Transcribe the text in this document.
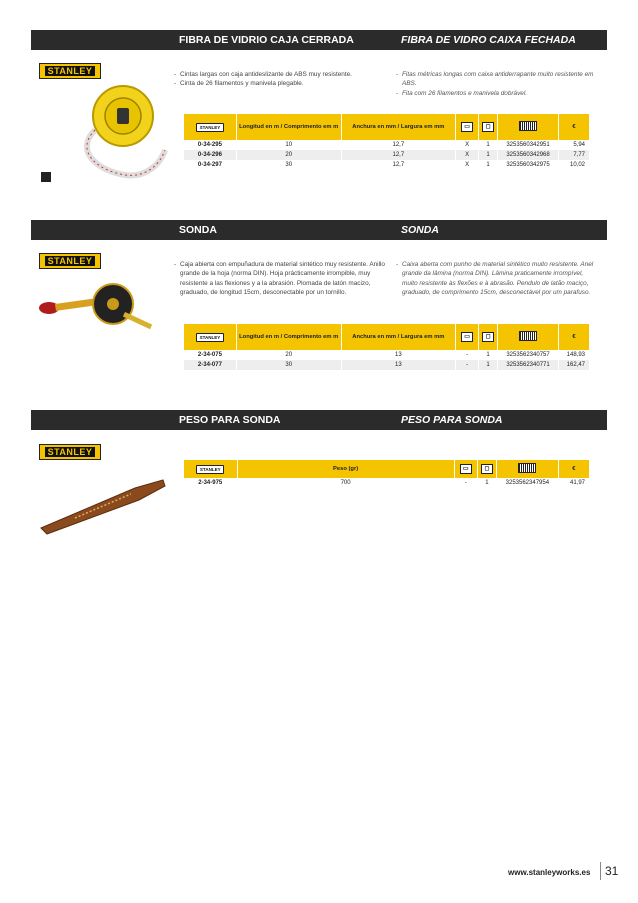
FIBRA DE VIDRIO CAJA CERRADA	FIBRA DE VIDRO CAIXA FECHADA
STANLEY	- Cintas largas con caja antideslizante de ABS muy resistente.
- Cinta de 26 filamentos y manivela plegable.
- Fitas métricas longas com caixa antiderrapante muito resistente em ABS.
- Fita com 26 filamentos e manivela dobrável.
STANLEY	Longitud en m / Comprimento em m	Anchura en mm / Largura em mm	▭	◻		€
0-34-295	10	12,7	X	1	3253560342951	5,94
0-34-296	20	12,7	X	1	3253560342968	7,77
0-34-297	30	12,7	X	1	3253560342975	10,02
SONDA	SONDA
STANLEY	- Caja abierta con empuñadura de material sintético muy resistente. Anillo grande de la hoja (norma DIN). Hoja prácticamente irrompible, muy resistente a las flexiones y a la abrasión. Plomada de latón macizo, graduado, de longitud 15cm, desconectable por un tornillo.
- Caixa aberta com punho de material sintético muito resistente. Anel grande da lâmina (norma DIN). Lâmina praticamente irrompível, muito resistente às flexões e à abrasão. Pendulo de latão maciço, graduado, de comprimento 15cm, desconectável por um parafuso.
STANLEY	Longitud en m / Comprimento em m	Anchura en mm / Largura em mm	▭	◻		€
2-34-075	20	13	-	1	3253562340757	148,93
2-34-077	30	13	-	1	3253562340771	162,47
PESO PARA SONDA	PESO PARA SONDA
STANLEY
STANLEY	Peso (gr)	▭	◻		€
2-34-975	700	-	1	3253562347954	41,97
www.stanleyworks.es 31
